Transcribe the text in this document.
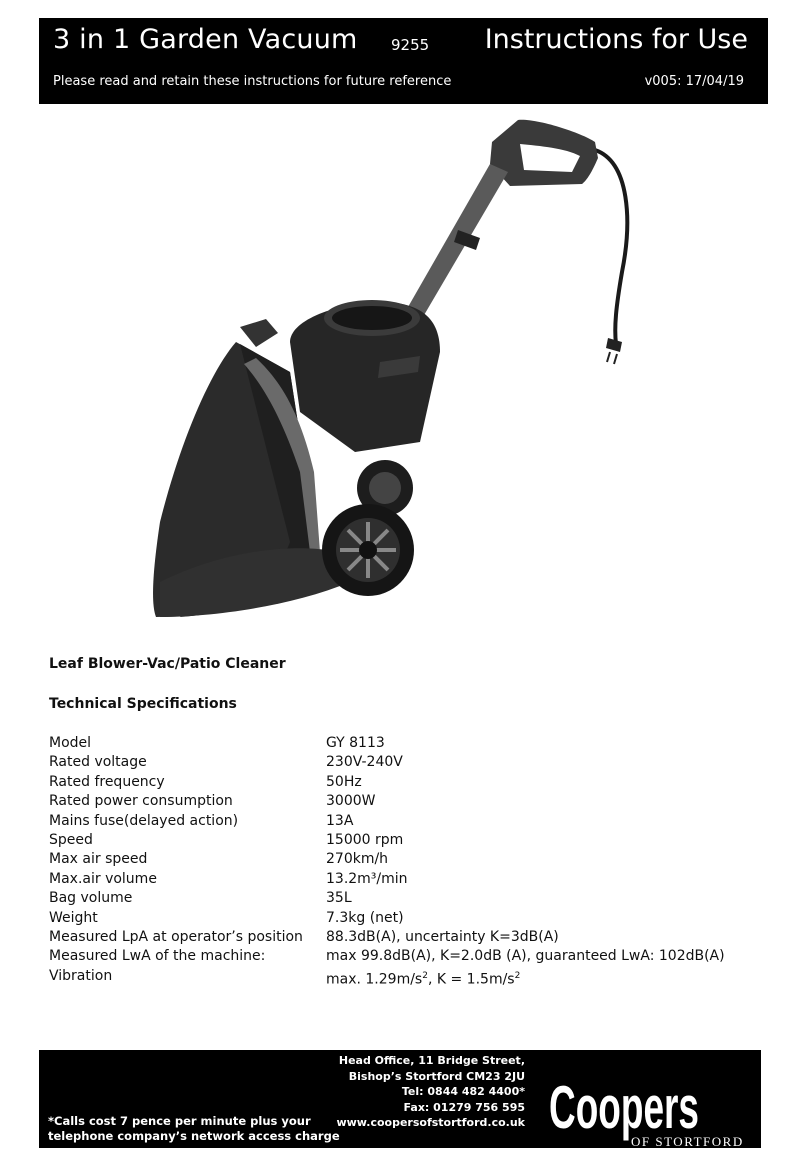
3 in 1 Garden Vacuum 9255 Instructions for Use
Please read and retain these instructions for future reference	v005: 17/04/19
Leaf Blower-Vac/Patio Cleaner
Technical Specifications
Model	GY 8113
Rated voltage	230V-240V
Rated frequency	50Hz
Rated power consumption	3000W
Mains fuse(delayed action)	13A
Speed	15000 rpm
Max air speed	270km/h
Max.air volume	13.2m³/min
Bag volume	35L
Weight	7.3kg (net)
Measured LpA at operator’s position 88.3dB(A), uncertainty K=3dB(A)
Measured LwA of the machine:	max 99.8dB(A), K=2.0dB (A), guaranteed LwA: 102dB(A)
Vibration	max. $1.29m/s^2$, $K = 1.5m/s^2$
Head Office, 11 Bridge Street,
Bishop’s Stortford CM23 2JU
Tel: 0844 482 4400*
Fax: 01279 756 595
www.coopersofstortford.co.uk
*Calls cost 7 pence per minute plus your
telephone company’s network access charge	Coopers
OF STORTFORD
